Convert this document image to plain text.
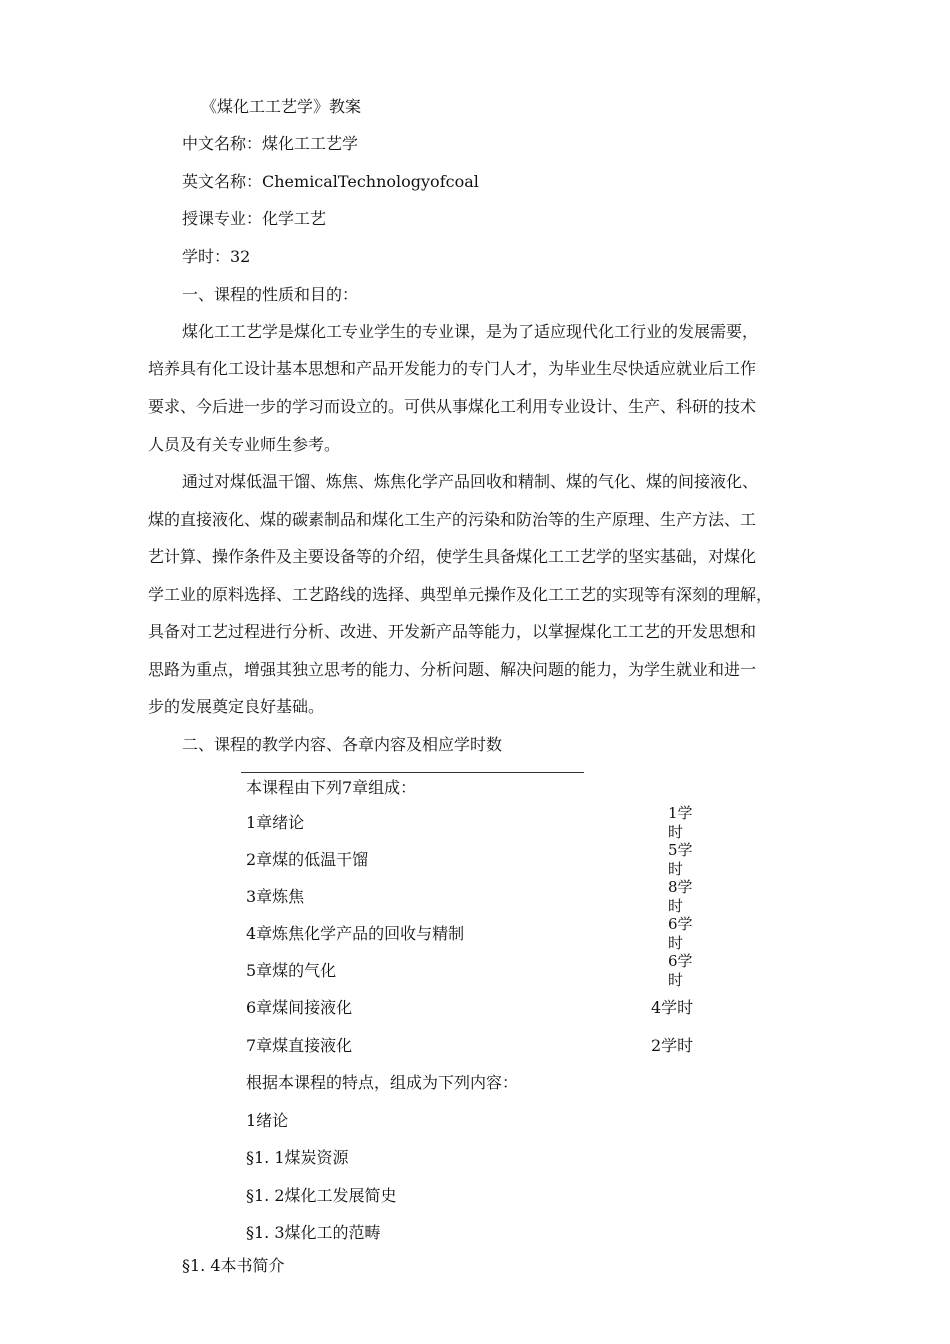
《煤化工工艺学》教案
中文名称：煤化工工艺学
英文名称：ChemicalTechnologyofcoal
授课专业：化学工艺
学时：32
一、课程的性质和目的：
煤化工工艺学是煤化工专业学生的专业课，是为了适应现代化工行业的发展需要，
培养具有化工设计基本思想和产品开发能力的专门人才，为毕业生尽快适应就业后工作
要求、今后进一步的学习而设立的。可供从事煤化工利用专业设计、生产、科研的技术
人员及有关专业师生参考。
通过对煤低温干馏、炼焦、炼焦化学产品回收和精制、煤的气化、煤的间接液化、
煤的直接液化、煤的碳素制品和煤化工生产的污染和防治等的生产原理、生产方法、工
艺计算、操作条件及主要设备等的介绍，使学生具备煤化工工艺学的坚实基础，对煤化
学工业的原料选择、工艺路线的选择、典型单元操作及化工工艺的实现等有深刻的理解，
具备对工艺过程进行分析、改进、开发新产品等能力，以掌握煤化工工艺的开发思想和
思路为重点，增强其独立思考的能力、分析问题、解决问题的能力，为学生就业和进一
步的发展奠定良好基础。
二、课程的教学内容、各章内容及相应学时数
本课程由下列7章组成：
1章绪论	1学
时
2章煤的低温干馏	5学
时
3章炼焦	8学
时
4章炼焦化学产品的回收与精制	6学
时
5章煤的气化	6学
时
6章煤间接液化	4学时
7章煤直接液化	2学时
根据本课程的特点，组成为下列内容：
1绪论
§1. 1煤炭资源
§1. 2煤化工发展简史
§1. 3煤化工的范畴
§1. 4本书简介
